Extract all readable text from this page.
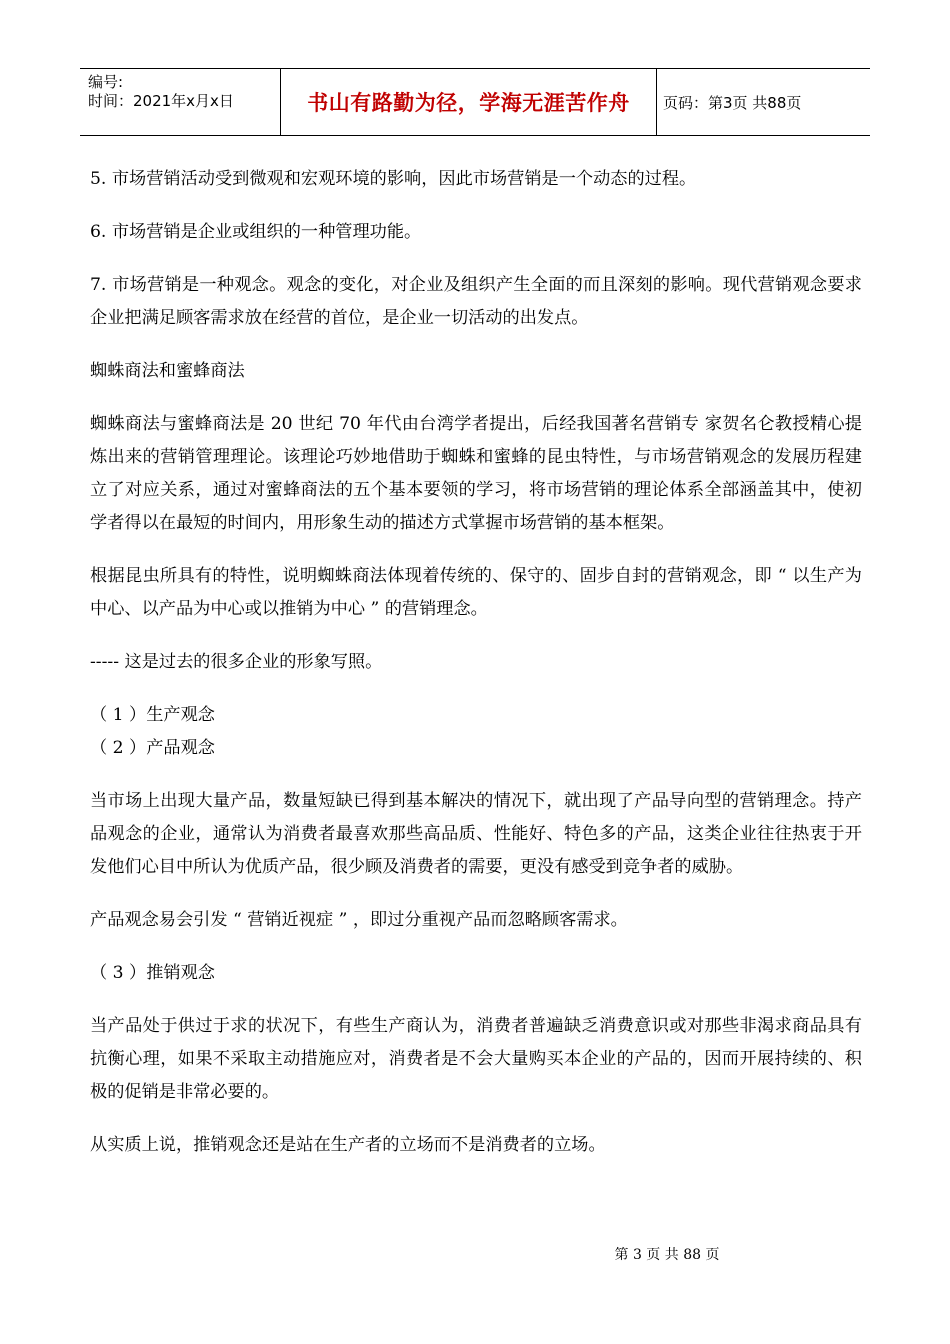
编号:
时间：2021年x月x日	书山有路勤为径，学海无涯苦作舟	页码：第3页 共88页

5. 市场营销活动受到微观和宏观环境的影响，因此市场营销是一个动态的过程。

6. 市场营销是企业或组织的一种管理功能。

7. 市场营销是一种观念。观念的变化，对企业及组织产生全面的而且深刻的影响。现代营销观念要求企业把满足顾客需求放在经营的首位，是企业一切活动的出发点。

蜘蛛商法和蜜蜂商法

蜘蛛商法与蜜蜂商法是 20 世纪 70 年代由台湾学者提出，后经我国著名营销专 家贺名仑教授精心提炼出来的营销管理理论。该理论巧妙地借助于蜘蛛和蜜蜂的昆虫特性，与市场营销观念的发展历程建立了对应关系，通过对蜜蜂商法的五个基本要领的学习，将市场营销的理论体系全部涵盖其中，使初学者得以在最短的时间内，用形象生动的描述方式掌握市场营销的基本框架。

根据昆虫所具有的特性，说明蜘蛛商法体现着传统的、保守的、固步自封的营销观念，即 “ 以生产为中心、以产品为中心或以推销为中心 ” 的营销理念。

----- 这是过去的很多企业的形象写照。

（ 1 ）生产观念

（ 2 ）产品观念

当市场上出现大量产品，数量短缺已得到基本解决的情况下，就出现了产品导向型的营销理念。持产品观念的企业，通常认为消费者最喜欢那些高品质、性能好、特色多的产品，这类企业往往热衷于开发他们心目中所认为优质产品，很少顾及消费者的需要，更没有感受到竞争者的威胁。

产品观念易会引发 “ 营销近视症 ” ，即过分重视产品而忽略顾客需求。

（ 3 ）推销观念

当产品处于供过于求的状况下，有些生产商认为，消费者普遍缺乏消费意识或对那些非渴求商品具有抗衡心理，如果不采取主动措施应对，消费者是不会大量购买本企业的产品的，因而开展持续的、积极的促销是非常必要的。

从实质上说，推销观念还是站在生产者的立场而不是消费者的立场。

第 3 页 共 88 页
